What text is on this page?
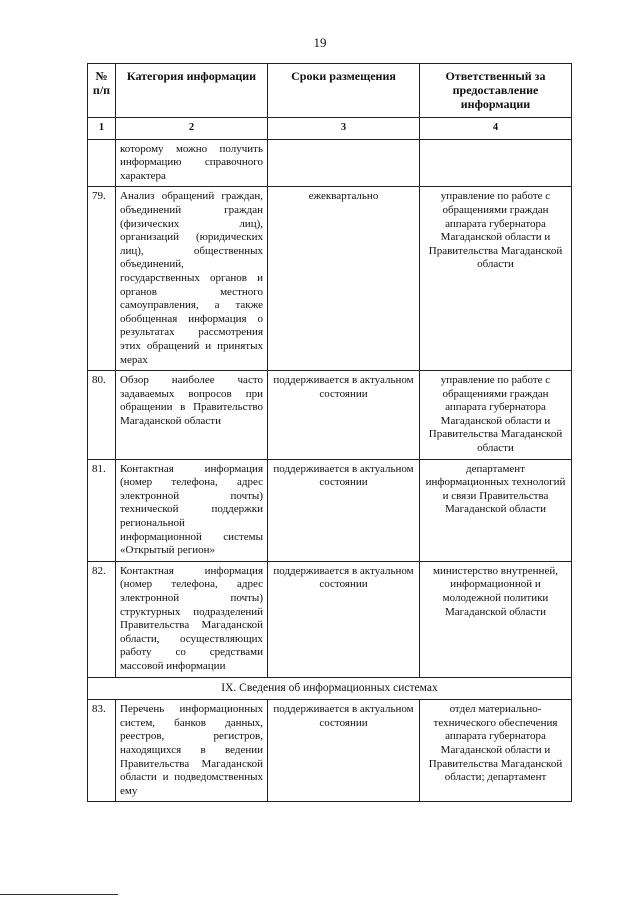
19
№ п/п	Категория информации	Сроки размещения	Ответственный за предоставление информации
1	2	3	4
	которому можно получить информацию справочного характера		
79.	Анализ обращений граждан, объединений граждан (физических лиц), организаций (юридических лиц), общественных объединений, государственных органов и органов местного самоуправления, а также обобщенная информация о результатах рассмотрения этих обращений и принятых мерах	ежеквартально	управление по работе с обращениями граждан аппарата губернатора Магаданской области и Правительства Магаданской области
80.	Обзор наиболее часто задаваемых вопросов при обращении в Правительство Магаданской области	поддерживается в актуальном состоянии	управление по работе с обращениями граждан аппарата губернатора Магаданской области и Правительства Магаданской области
81.	Контактная информация (номер телефона, адрес электронной почты) технической поддержки региональной информационной системы «Открытый регион»	поддерживается в актуальном состоянии	департамент информационных технологий и связи Правительства Магаданской области
82.	Контактная информация (номер телефона, адрес электронной почты) структурных подразделений Правительства Магаданской области, осуществляющих работу со средствами массовой информации	поддерживается в актуальном состоянии	министерство внутренней, информационной и молодежной политики Магаданской области
IX. Сведения об информационных системах			
83.	Перечень информационных систем, банков данных, реестров, регистров, находящихся в ведении Правительства Магаданской области и подведомственных ему	поддерживается в актуальном состоянии	отдел материально-технического обеспечения аппарата губернатора Магаданской области и Правительства Магаданской области; департамент
